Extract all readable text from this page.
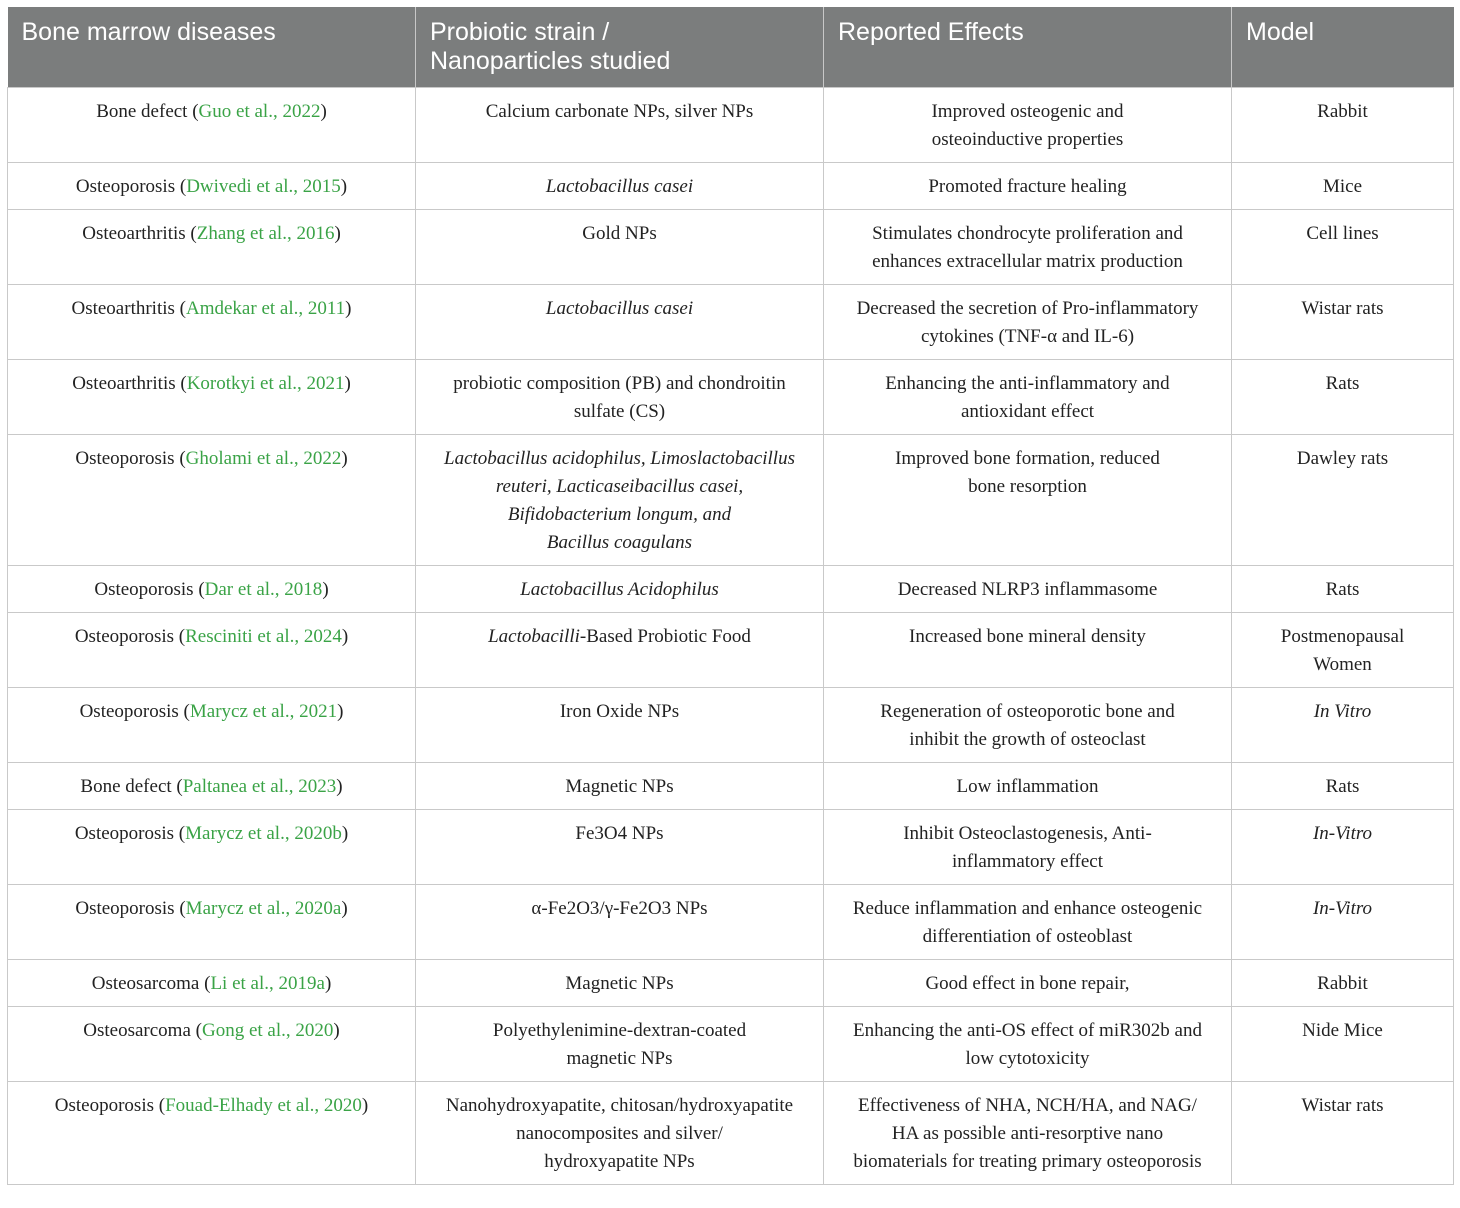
Bone marrow diseases	Probiotic strain /
Nanoparticles studied	Reported Effects	Model
Bone defect (Guo et al., 2022)	Calcium carbonate NPs, silver NPs	Improved osteogenic and
osteoinductive properties	Rabbit
Osteoporosis (Dwivedi et al., 2015)	Lactobacillus casei	Promoted fracture healing	Mice
Osteoarthritis (Zhang et al., 2016)	Gold NPs	Stimulates chondrocyte proliferation and
enhances extracellular matrix production	Cell lines
Osteoarthritis (Amdekar et al., 2011)	Lactobacillus casei	Decreased the secretion of Pro-inflammatory
cytokines (TNF-α and IL-6)	Wistar rats
Osteoarthritis (Korotkyi et al., 2021)	probiotic composition (PB) and chondroitin
sulfate (CS)	Enhancing the anti-inflammatory and
antioxidant effect	Rats
Osteoporosis (Gholami et al., 2022)	Lactobacillus acidophilus, Limoslactobacillus
reuteri, Lacticaseibacillus casei,
Bifidobacterium longum, and
Bacillus coagulans	Improved bone formation, reduced
bone resorption	Dawley rats
Osteoporosis (Dar et al., 2018)	Lactobacillus Acidophilus	Decreased NLRP3 inflammasome	Rats
Osteoporosis (Resciniti et al., 2024)	Lactobacilli-Based Probiotic Food	Increased bone mineral density	Postmenopausal
Women

Osteoporosis (Marycz et al., 2021)	Iron Oxide NPs	Regeneration of osteoporotic bone and
inhibit the growth of osteoclast	In Vitro
Bone defect (Paltanea et al., 2023)	Magnetic NPs	Low inflammation	Rats
Osteoporosis (Marycz et al., 2020b)	Fe3O4 NPs	Inhibit Osteoclastogenesis, Anti-
inflammatory effect	In-Vitro
Osteoporosis (Marycz et al., 2020a)	α-Fe2O3/γ-Fe2O3 NPs	Reduce inflammation and enhance osteogenic
differentiation of osteoblast	In-Vitro
Osteosarcoma (Li et al., 2019a)	Magnetic NPs	Good effect in bone repair,	Rabbit
Osteosarcoma (Gong et al., 2020)	Polyethylenimine-dextran-coated
magnetic NPs	Enhancing the anti-OS effect of miR302b and
low cytotoxicity	Nide Mice
Osteoporosis (Fouad-Elhady et al., 2020)	Nanohydroxyapatite, chitosan/hydroxyapatite
nanocomposites and silver/
hydroxyapatite NPs	Effectiveness of NHA, NCH/HA, and NAG/
HA as possible anti-resorptive nano
biomaterials for treating primary osteoporosis	Wistar rats
